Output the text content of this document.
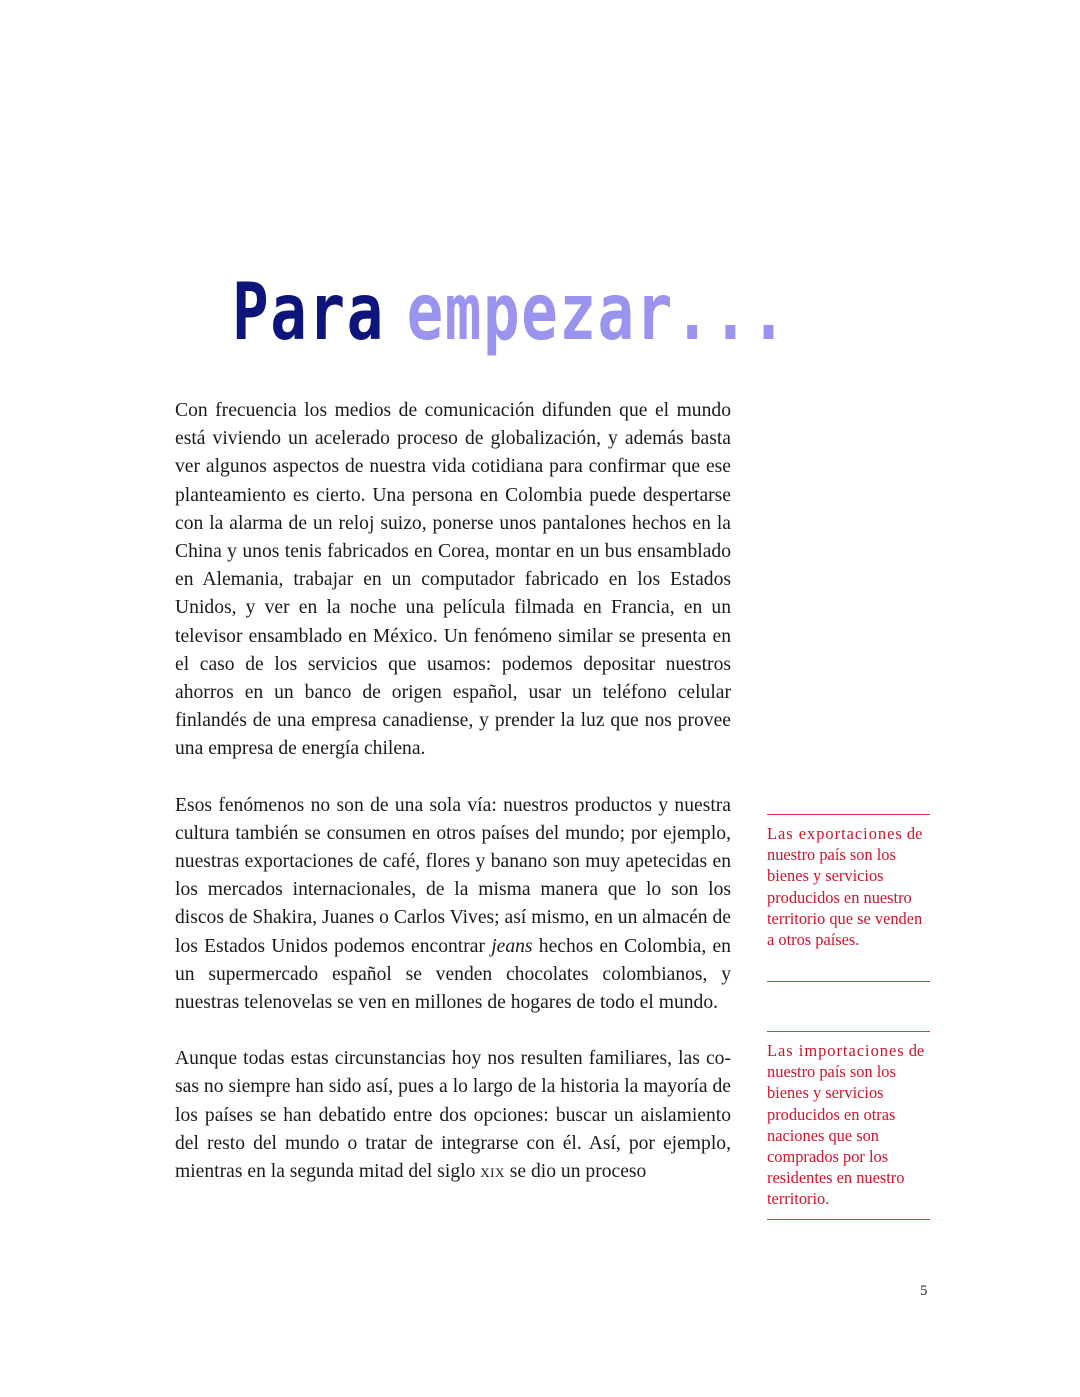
Para empezar...

Con frecuencia los medios de comunicación difunden que el mundo está viviendo un acelerado proceso de globalización, y además basta ver algunos aspectos de nuestra vida cotidiana para confirmar que ese planteamiento es cierto. Una persona en Colombia puede despertarse con la alarma de un reloj suizo, ponerse unos pantalones hechos en la China y unos tenis fabricados en Corea, montar en un bus ensamblado en Alemania, trabajar en un computador fabricado en los Estados Unidos, y ver en la noche una película filmada en Francia, en un televisor ensamblado en México. Un fenómeno similar se presenta en el caso de los servicios que usamos: podemos depositar nuestros ahorros en un banco de origen español, usar un teléfono celular finlandés de una empresa canadiense, y prender la luz que nos provee una empresa de energía chilena.

Esos fenómenos no son de una sola vía: nuestros productos y nuestra cultura también se consumen en otros países del mundo; por ejemplo, nuestras exportaciones de café, flores y banano son muy apetecidas en los mercados internacionales, de la misma manera que lo son los discos de Shakira, Juanes o Carlos Vives; así mismo, en un almacén de los Estados Unidos podemos encontrar jeans hechos en Colombia, en un supermercado español se venden chocolates colombianos, y nuestras telenovelas se ven en millones de hogares de todo el mundo.

Aunque todas estas circunstancias hoy nos resulten familiares, las cosas no siempre han sido así, pues a lo largo de la historia la mayoría de los países se han debatido entre dos opciones: buscar un aislamiento del resto del mundo o tratar de integrarse con él. Así, por ejemplo, mientras en la segunda mitad del siglo XIX se dio un proceso

Las exportaciones de nuestro país son los bienes y servicios producidos en nuestro territorio que se venden a otros países.
Las importaciones de nuestro país son los bienes y servicios producidos en otras naciones que son comprados por los residentes en nuestro territorio.
5
